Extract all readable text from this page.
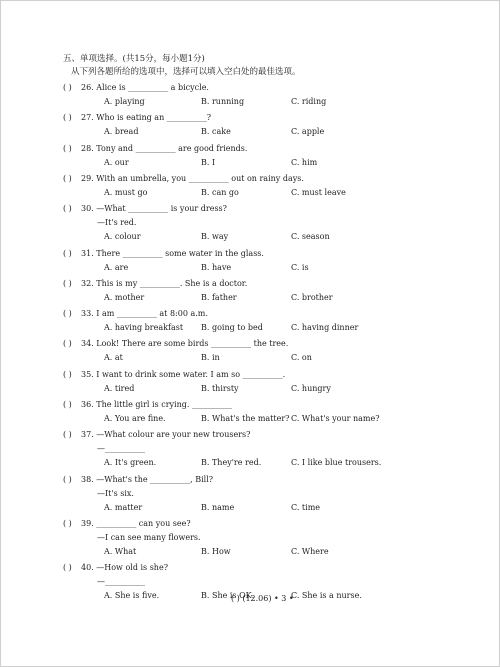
五、单项选择。(共15分，每小题1分)
从下列各题所给的选项中，选择可以填入空白处的最佳选项。
( ) 26. Alice is __________ a bicycle.
A. playing	B. running	C. riding
( ) 27. Who is eating an __________?
A. bread	B. cake	C. apple
( ) 28. Tony and __________ are good friends.
A. our	B. I	C. him
( ) 29. With an umbrella, you __________ out on rainy days.
A. must go	B. can go	C. must leave
( ) 30. —What __________ is your dress?
—It's red.
A. colour	B. way	C. season
( ) 31. There __________ some water in the glass.
A. are	B. have	C. is
( ) 32. This is my __________. She is a doctor.
A. mother	B. father	C. brother
( ) 33. I am __________ at 8:00 a.m.
A. having breakfast B. going to bed	C. having dinner
( ) 34. Look! There are some birds __________ the tree.
A. at	B. in	C. on
( ) 35. I want to drink some water. I am so __________.
A. tired	B. thirsty	C. hungry
( ) 36. The little girl is crying. __________
A. You are fine.	B. What's the matter? C. What's your name?
( ) 37. —What colour are your new trousers?
—__________
A. It's green.	B. They're red.	C. I like blue trousers.
( ) 38. —What's the __________, Bill?
—It's six.
A. matter	B. name	C. time
( ) 39. __________ can you see?
—I can see many flowers.
A. What	B. How	C. Where
( ) 40. —How old is she?
—__________
A. She is five.	B. She is OK.	C. She is a nurse.
( ) (12.06) • 3 •
